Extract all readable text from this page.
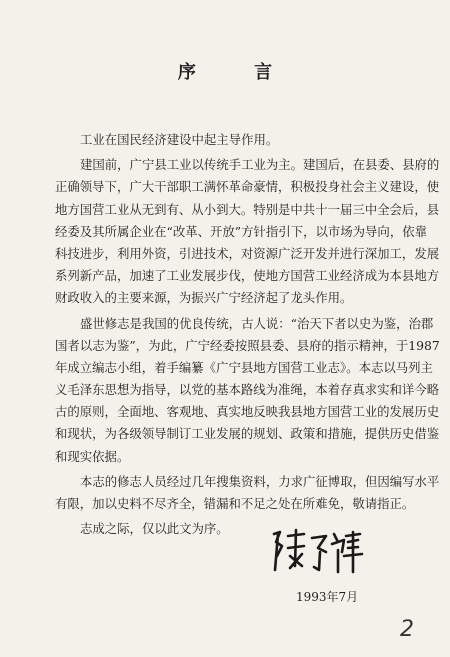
序 言
工业在国民经济建设中起主导作用。
建国前，广宁县工业以传统手工业为主。建国后，在县委、县府的
正确领导下，广大干部职工满怀革命豪情，积极投身社会主义建设，使
地方国营工业从无到有、从小到大。特别是中共十一届三中全会后，县
经委及其所属企业在“改革、开放”方针指引下，以市场为导向，依靠
科技进步，利用外资，引进技术，对资源广泛开发并进行深加工，发展
系列新产品，加速了工业发展步伐，使地方国营工业经济成为本县地方
财政收入的主要来源，为振兴广宁经济起了龙头作用。
盛世修志是我国的优良传统，古人说：“治天下者以史为鉴，治郡
国者以志为鉴”，为此，广宁经委按照县委、县府的指示精神，于1987
年成立编志小组，着手编纂《广宁县地方国营工业志》。本志以马列主
义毛泽东思想为指导，以党的基本路线为准绳，本着存真求实和详今略
古的原则，全面地、客观地、真实地反映我县地方国营工业的发展历史
和现状，为各级领导制订工业发展的规划、政策和措施，提供历史借鉴
和现实依据。
本志的修志人员经过几年搜集资料，力求广征博取，但因编写水平
有限，加以史料不尽齐全，错漏和不足之处在所难免，敬请指正。
志成之际，仅以此文为序。
1993年7月
2
